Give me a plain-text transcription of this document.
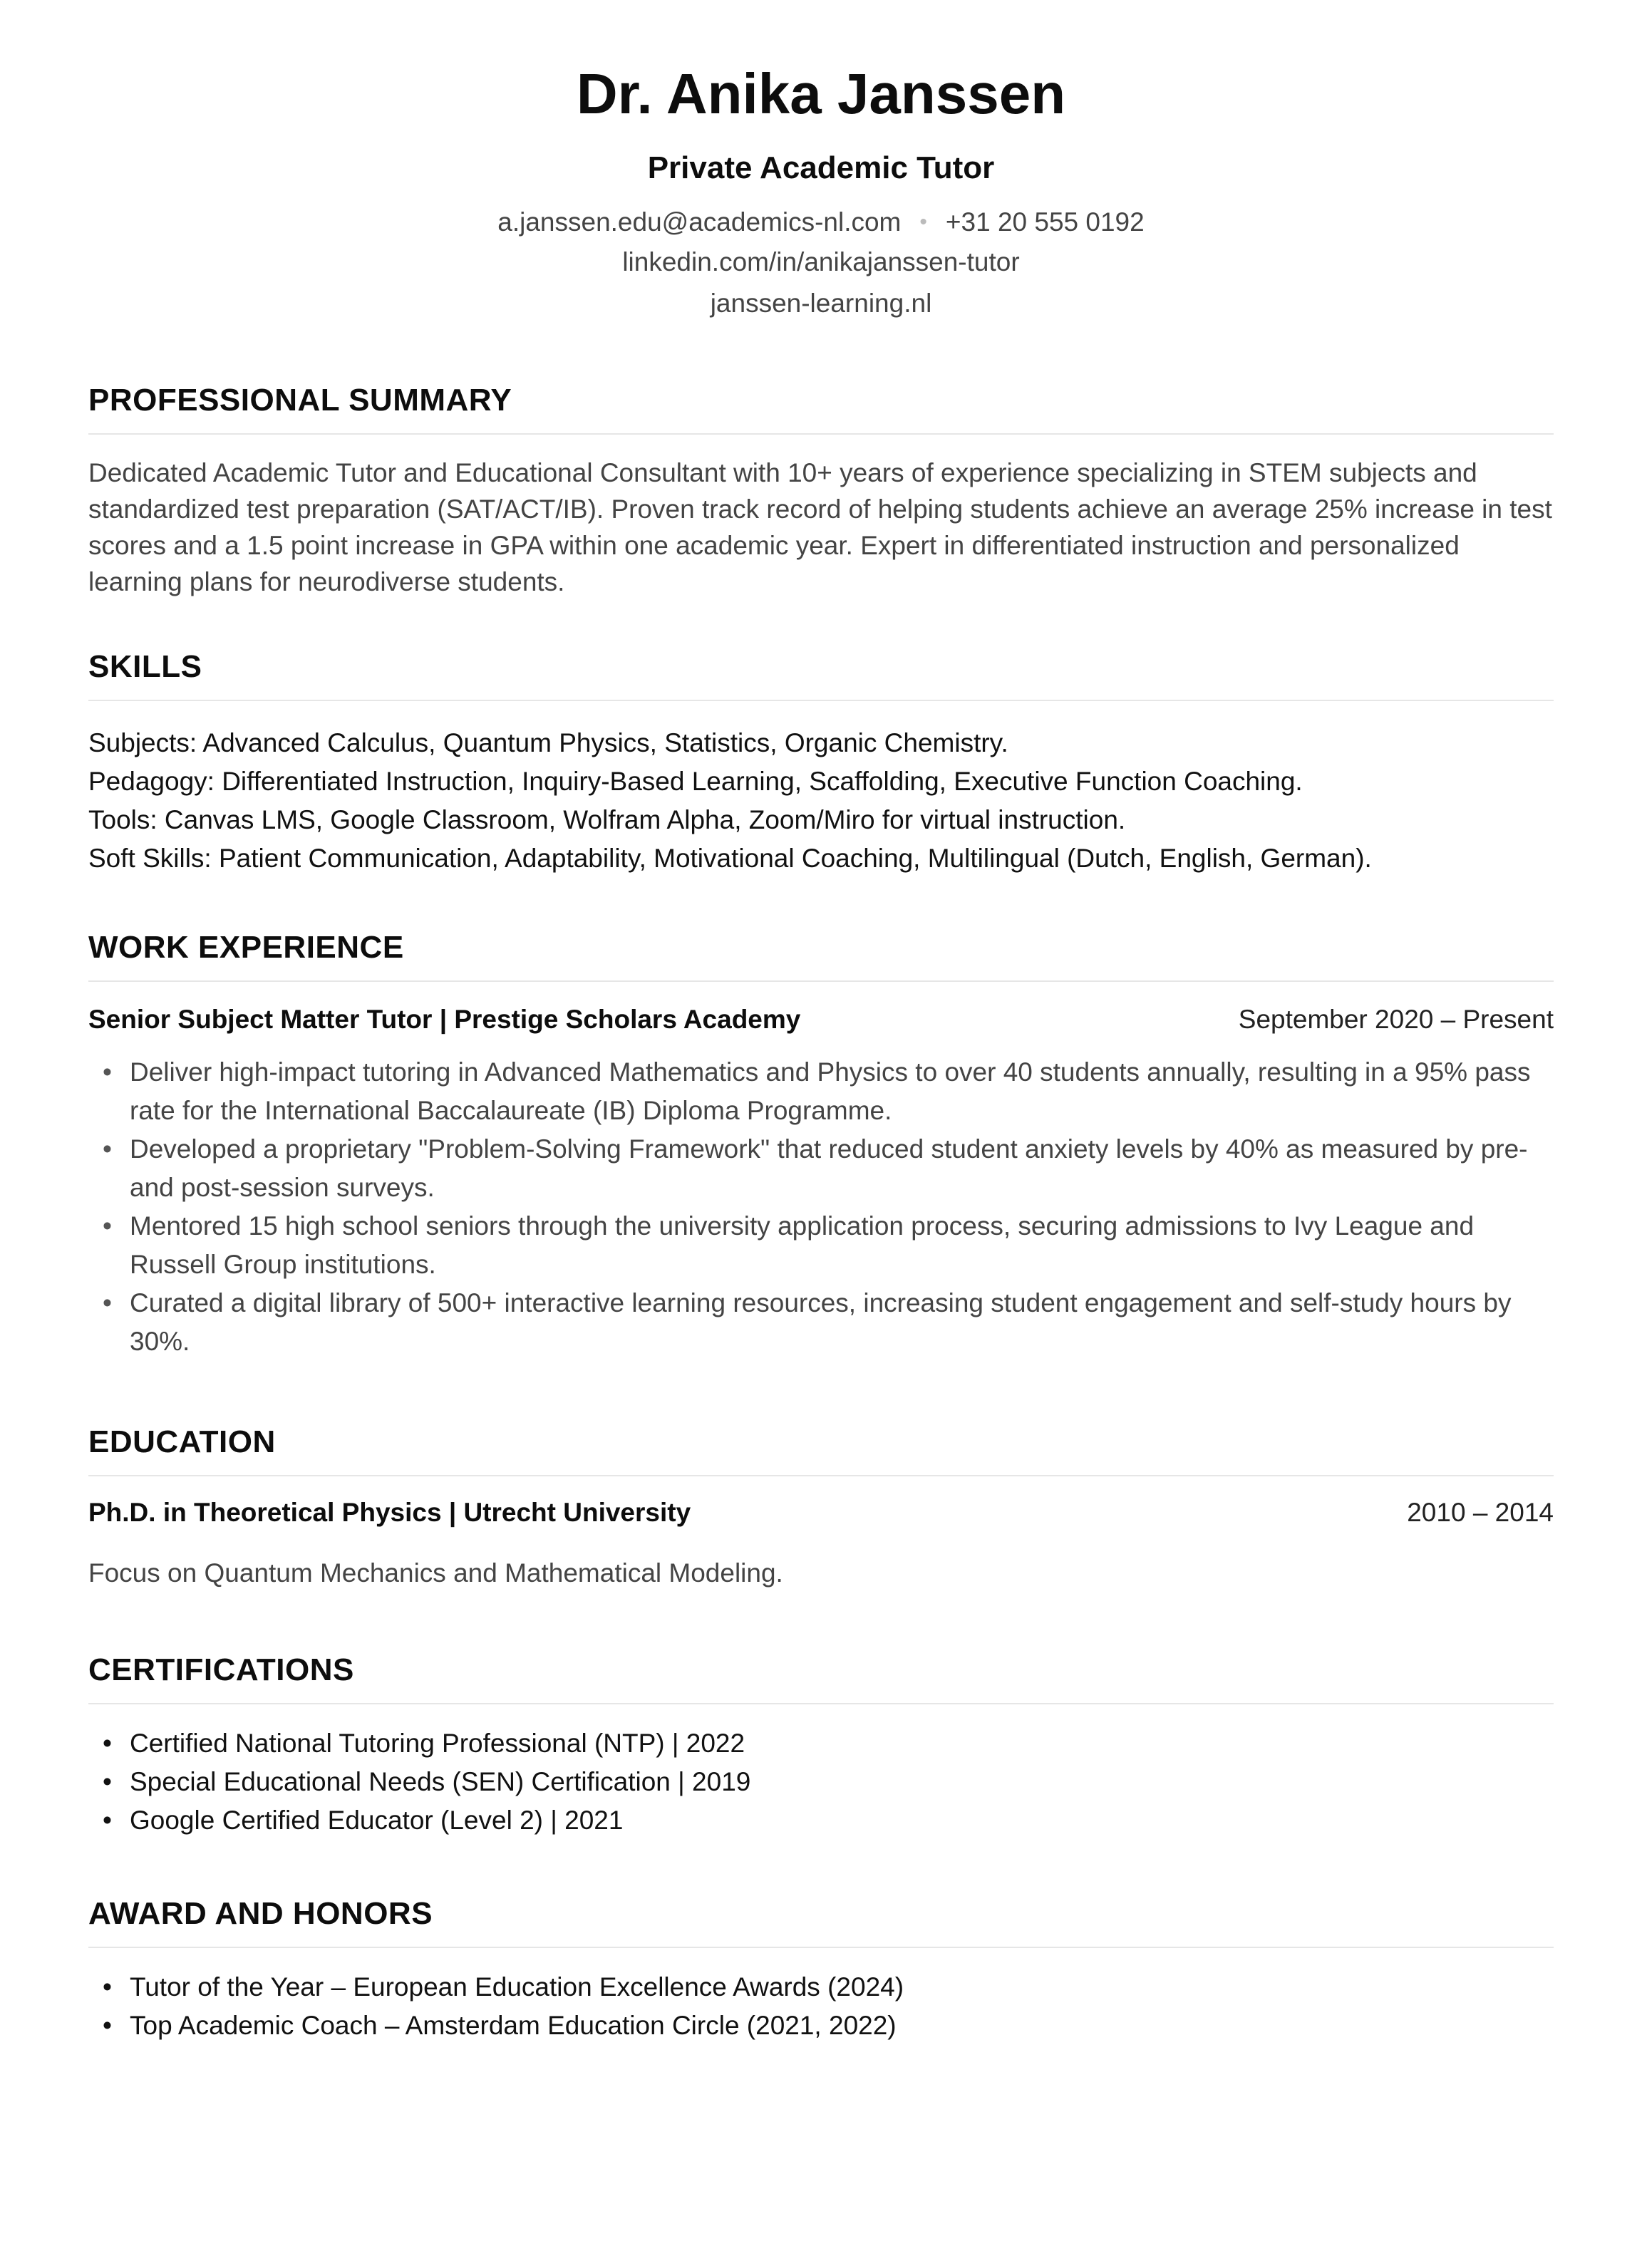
Dr. Anika Janssen
Private Academic Tutor
a.janssen.edu@academics-nl.com • +31 20 555 0192
linkedin.com/in/anikajanssen-tutor
janssen-learning.nl
PROFESSIONAL SUMMARY

Dedicated Academic Tutor and Educational Consultant with 10+ years of experience specializing in STEM subjects and standardized test preparation (SAT/ACT/IB). Proven track record of helping students achieve an average 25% increase in test scores and a 1.5 point increase in GPA within one academic year. Expert in differentiated instruction and personalized learning plans for neurodiverse students.

SKILLS

Subjects: Advanced Calculus, Quantum Physics, Statistics, Organic Chemistry.

Pedagogy: Differentiated Instruction, Inquiry-Based Learning, Scaffolding, Executive Function Coaching.

Tools: Canvas LMS, Google Classroom, Wolfram Alpha, Zoom/Miro for virtual instruction.

Soft Skills: Patient Communication, Adaptability, Motivational Coaching, Multilingual (Dutch, English, German).

WORK EXPERIENCE
Senior Subject Matter Tutor | Prestige Scholars Academy	September 2020 – Present
• Deliver high-impact tutoring in Advanced Mathematics and Physics to over 40 students annually, resulting in a 95% pass rate for the International Baccalaureate (IB) Diploma Programme.
• Developed a proprietary "Problem-Solving Framework" that reduced student anxiety levels by 40% as measured by pre-and post-session surveys.
• Mentored 15 high school seniors through the university application process, securing admissions to Ivy League and Russell Group institutions.
• Curated a digital library of 500+ interactive learning resources, increasing student engagement and self-study hours by 30%.
EDUCATION
Ph.D. in Theoretical Physics | Utrecht University	2010 – 2014

Focus on Quantum Mechanics and Mathematical Modeling.

CERTIFICATIONS
• Certified National Tutoring Professional (NTP) | 2022
• Special Educational Needs (SEN) Certification | 2019
• Google Certified Educator (Level 2) | 2021
AWARD AND HONORS
• Tutor of the Year – European Education Excellence Awards (2024)
• Top Academic Coach – Amsterdam Education Circle (2021, 2022)
